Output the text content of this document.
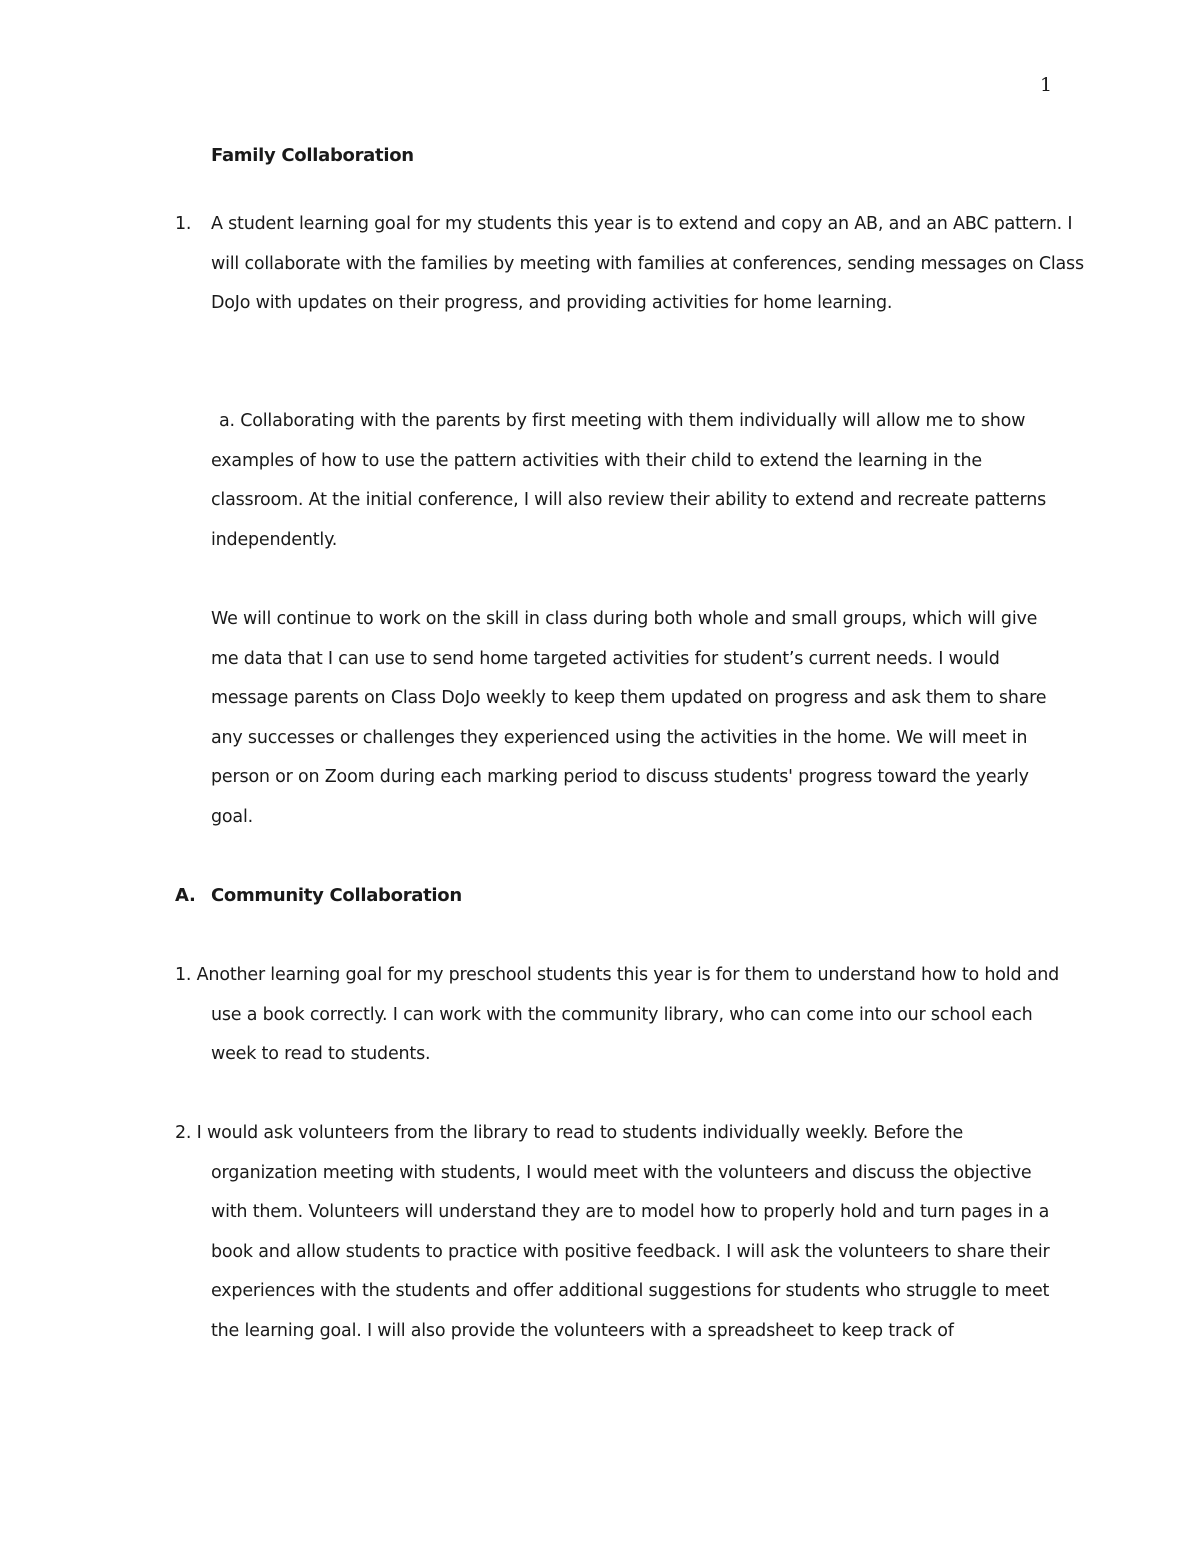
1
Family Collaboration

1. A student learning goal for my students this year is to extend and copy an AB, and an ABC pattern. I will collaborate with the families by meeting with families at conferences, sending messages on Class DoJo with updates on their progress, and providing activities for home learning.

a. Collaborating with the parents by first meeting with them individually will allow me to show examples of how to use the pattern activities with their child to extend the learning in the classroom. At the initial conference, I will also review their ability to extend and recreate patterns independently.

We will continue to work on the skill in class during both whole and small groups, which will give me data that I can use to send home targeted activities for student’s current needs. I would message parents on Class DoJo weekly to keep them updated on progress and ask them to share any successes or challenges they experienced using the activities in the home. We will meet in person or on Zoom during each marking period to discuss students' progress toward the yearly goal.

A. Community Collaboration

1. Another learning goal for my preschool students this year is for them to understand how to hold and use a book correctly. I can work with the community library, who can come into our school each week to read to students.

2. I would ask volunteers from the library to read to students individually weekly. Before the organization meeting with students, I would meet with the volunteers and discuss the objective with them. Volunteers will understand they are to model how to properly hold and turn pages in a book and allow students to practice with positive feedback. I will ask the volunteers to share their experiences with the students and offer additional suggestions for students who struggle to meet the learning goal. I will also provide the volunteers with a spreadsheet to keep track of
